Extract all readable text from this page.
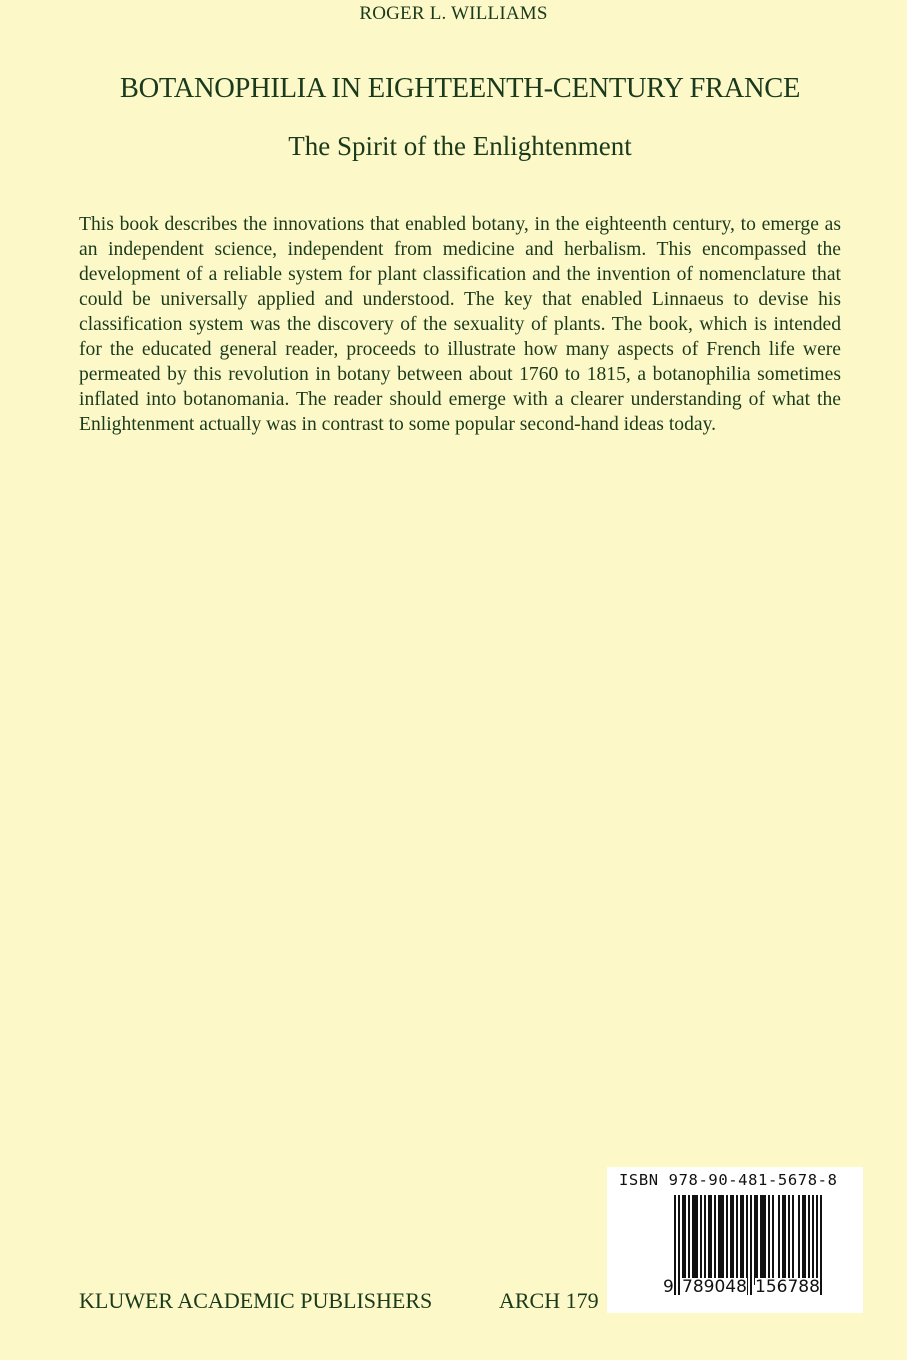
ROGER L. WILLIAMS
BOTANOPHILIA IN EIGHTEENTH-CENTURY FRANCE
The Spirit of the Enlightenment

This book describes the innovations that enabled botany, in the eighteenth century, to emerge as an independent science, independent from medicine and herbalism. This encompassed the development of a reliable system for plant classification and the invention of nomenclature that could be universally applied and understood. The key that enabled Linnaeus to devise his classification system was the discovery of the sexuality of plants. The book, which is intended for the educated general reader, proceeds to illustrate how many aspects of French life were permeated by this revolution in botany between about 1760 to 1815, a botanophilia sometimes inflated into botanomania. The reader should emerge with a clearer understanding of what the Enlightenment actually was in contrast to some popular second-hand ideas today.

KLUWER ACADEMIC PUBLISHERS	ARCH 179
ISBN 978-90-481-5678-8
9 789048 156788
